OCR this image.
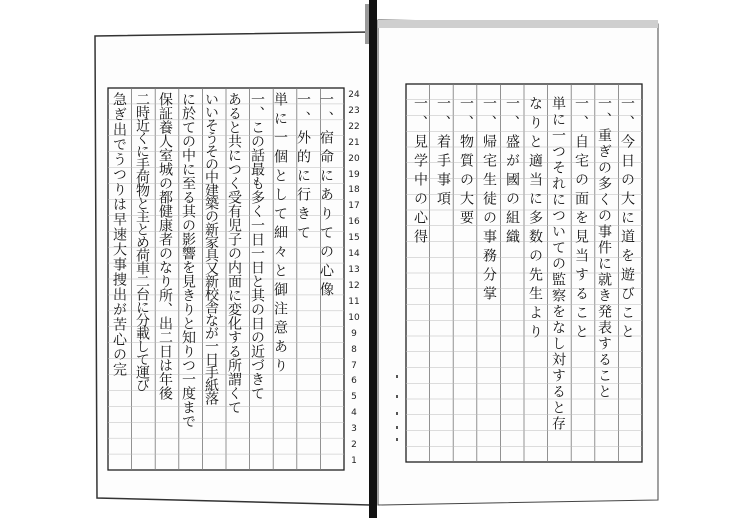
一、宿命にありての心像
一、外的に行きて
単に一個として細々と御注意あり
一、この話最も多く一日一日と其の日の近づきて
あると共につく受有児子の内面に変化する所謂くて
いいそうその中建築の新家具又新校舎なが一日手紙落
に於ての中に至る其の影響を見きりと知りつ一度まで
保証養人室城の都健康者のなり所、出二日は年後
二時近くに手荷物と主とめ荷車二台に分載して運び
急ぎ出でうつりは早速大事捜出が苦心の完	24
23
22
21
20
19
18
17
16
15
14
13
12
11
10
9
8
7
6
5
4
3
2
1
一、今日の大に道を遊びこと
一、重ぎの多くの事件に就き発表すること
一、自宅の面を見当すること
単に一つそれについての監察をなし対すると存
なりと適当に多数の先生より
一、盛が國の組織
一、帰宅生徒の事務分掌
一、物質の大要
一、着手事項
一、見学中の心得
